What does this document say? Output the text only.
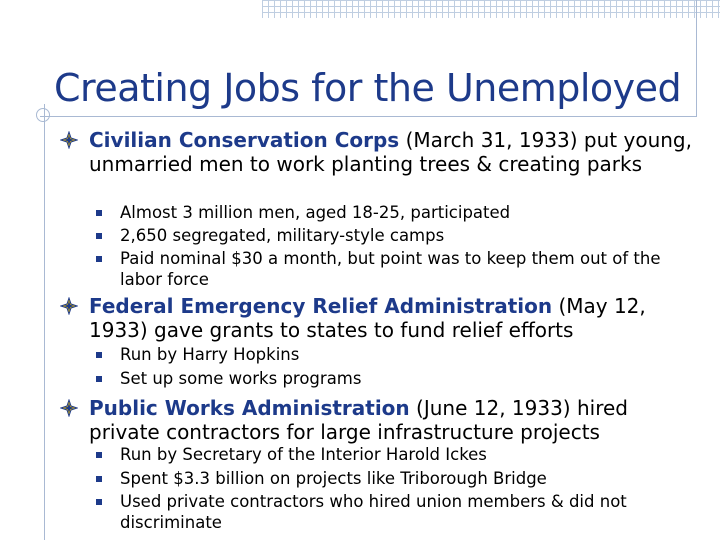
Creating Jobs for the Unemployed
Civilian Conservation Corps (March 31, 1933) put young, unmarried men to work planting trees & creating parks
Almost 3 million men, aged 18-25, participated
2,650 segregated, military-style camps
Paid nominal $30 a month, but point was to keep them out of the labor force
Federal Emergency Relief Administration (May 12, 1933) gave grants to states to fund relief efforts
Run by Harry Hopkins
Set up some works programs
Public Works Administration (June 12, 1933) hired private contractors for large infrastructure projects
Run by Secretary of the Interior Harold Ickes
Spent $3.3 billion on projects like Triborough Bridge
Used private contractors who hired union members & did not discriminate
